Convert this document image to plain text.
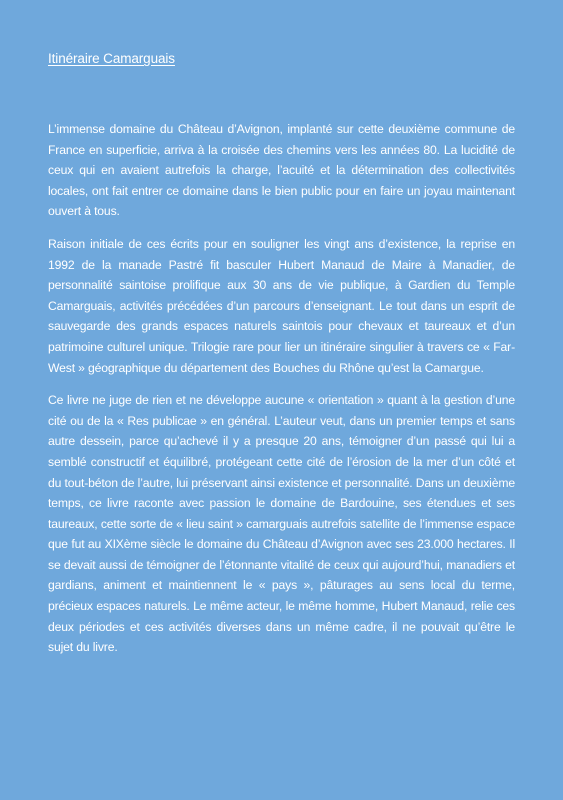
Itinéraire Camarguais

L’immense domaine du Château d’Avignon, implanté sur cette deuxième commune de France en superficie, arriva à la croisée des chemins vers les années 80. La lucidité de ceux qui en avaient autrefois la charge, l’acuité et la détermination des collectivités locales, ont fait entrer ce domaine dans le bien public pour en faire un joyau maintenant ouvert à tous.

Raison initiale de ces écrits pour en souligner les vingt ans d’existence, la reprise en 1992 de la manade Pastré fit basculer Hubert Manaud de Maire à Manadier, de personnalité saintoise prolifique aux 30 ans de vie publique, à Gardien du Temple Camarguais, activités précédées d’un parcours d’enseignant. Le tout dans un esprit de sauvegarde des grands espaces naturels saintois pour chevaux et taureaux et d’un patrimoine culturel unique. Trilogie rare pour lier un itinéraire singulier à travers ce « Far-West » géographique du département des Bouches du Rhône qu’est la Camargue.

Ce livre ne juge de rien et ne développe aucune « orientation » quant à la gestion d’une cité ou de la « Res publicae » en général. L’auteur veut, dans un premier temps et sans autre dessein, parce qu’achevé il y a presque 20 ans, témoigner d’un passé qui lui a semblé constructif et équilibré, protégeant cette cité de l’érosion de la mer d’un côté et du tout-béton de l’autre, lui préservant ainsi existence et personnalité. Dans un deuxième temps, ce livre raconte avec passion le domaine de Bardouine, ses étendues et ses taureaux, cette sorte de « lieu saint » camarguais autrefois satellite de l’immense espace que fut au XIXème siècle le domaine du Château d’Avignon avec ses 23.000 hectares. Il se devait aussi de témoigner de l’étonnante vitalité de ceux qui aujourd’hui, manadiers et gardians, animent et maintiennent le « pays », pâturages au sens local du terme, précieux espaces naturels. Le même acteur, le même homme, Hubert Manaud, relie ces deux périodes et ces activités diverses dans un même cadre, il ne pouvait qu’être le sujet du livre.
